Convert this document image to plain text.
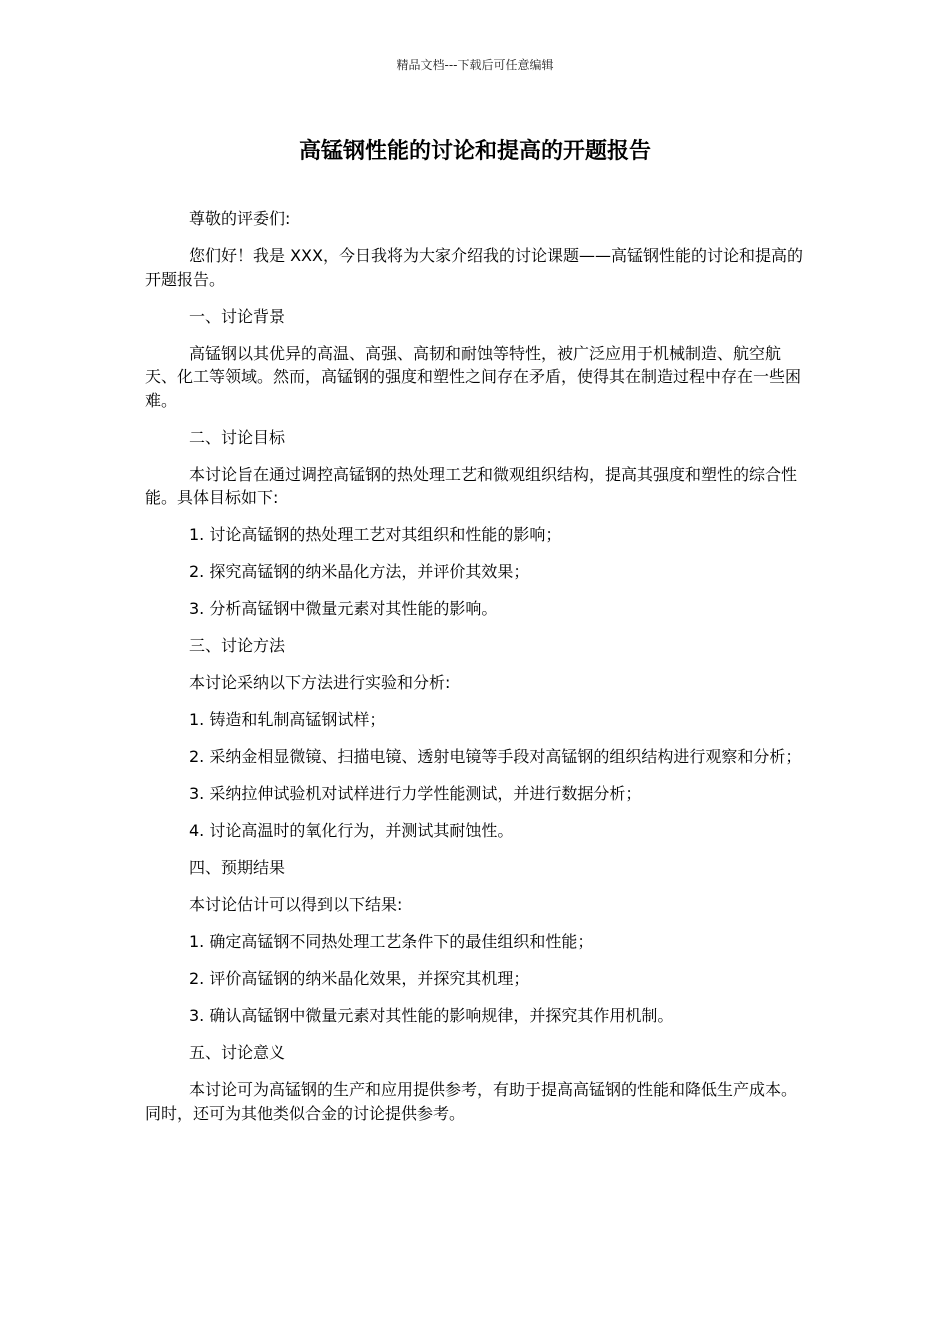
精品文档---下载后可任意编辑
高锰钢性能的讨论和提高的开题报告

尊敬的评委们:

您们好！我是 XXX，今日我将为大家介绍我的讨论课题——高锰钢性能的讨论和提高的开题报告。

一、讨论背景

高锰钢以其优异的高温、高强、高韧和耐蚀等特性，被广泛应用于机械制造、航空航天、化工等领域。然而，高锰钢的强度和塑性之间存在矛盾，使得其在制造过程中存在一些困难。

二、讨论目标

本讨论旨在通过调控高锰钢的热处理工艺和微观组织结构，提高其强度和塑性的综合性能。具体目标如下:

1. 讨论高锰钢的热处理工艺对其组织和性能的影响；

2. 探究高锰钢的纳米晶化方法，并评价其效果；

3. 分析高锰钢中微量元素对其性能的影响。

三、讨论方法

本讨论采纳以下方法进行实验和分析:

1. 铸造和轧制高锰钢试样；

2. 采纳金相显微镜、扫描电镜、透射电镜等手段对高锰钢的组织结构进行观察和分析；

3. 采纳拉伸试验机对试样进行力学性能测试，并进行数据分析；

4. 讨论高温时的氧化行为，并测试其耐蚀性。

四、预期结果

本讨论估计可以得到以下结果:

1. 确定高锰钢不同热处理工艺条件下的最佳组织和性能；

2. 评价高锰钢的纳米晶化效果，并探究其机理；

3. 确认高锰钢中微量元素对其性能的影响规律，并探究其作用机制。

五、讨论意义

本讨论可为高锰钢的生产和应用提供参考，有助于提高高锰钢的性能和降低生产成本。同时，还可为其他类似合金的讨论提供参考。
